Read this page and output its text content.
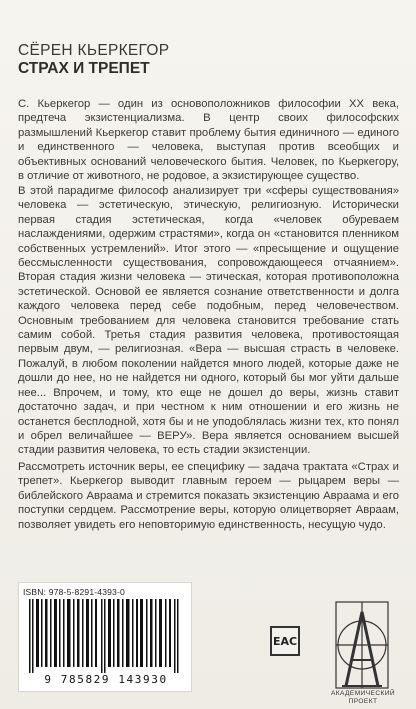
СЁРЕН КЬЕРКЕГОР
СТРАХ И ТРЕПЕТ

С. Кьеркегор — один из основоположников философии XX века, предтеча экзистенциализма. В центр своих философских размышлений Кьеркегор ставит проблему бытия единичного — единого и единственного — человека, выступая против всеобщих и объективных оснований человеческого бытия. Человек, по Кьеркегору, в отличие от животного, не родовое, а экзистирующее существо.

В этой парадигме философ анализирует три «сферы существования» человека — эстетическую, этическую, религиозную. Исторически первая стадия эстетическая, когда «человек обуреваем наслаждениями, одержим страстями», когда он «становится пленником собственных устремлений». Итог этого — «пресыщение и ощущение бессмысленности существования, сопровождающееся отчаянием». Вторая стадия жизни человека — этическая, которая противоположна эстетической. Основой ее является сознание ответственности и долга каждого человека перед себе подобным, перед человечеством. Основным требованием для человека становится требование стать самим собой. Третья стадия развития человека, противостоящая первым двум, — религиозная. «Вера — высшая страсть в человеке. Пожалуй, в любом поколении найдется много людей, которые даже не дошли до нее, но не найдется ни одного, который бы мог уйти дальше нее... Впрочем, и тому, кто еще не дошел до веры, жизнь ставит достаточно задач, и при честном к ним отношении и его жизнь не останется бесплодной, хотя бы и не уподоблялась жизни тех, кто понял и обрел величайшее — ВЕРУ». Вера является основанием высшей стадии развития человека, то есть стадии экзистенции.

Рассмотреть источник веры, ее специфику — задача трактата «Страх и трепет». Кьеркегор выводит главным героем — рыцарем веры — библейского Авраама и стремится показать экзистенцию Авраама и его поступки сердцем. Рассмотрение веры, которую олицетворяет Авраам, позволяет увидеть его неповторимую единственность, несущую чудо.

ISBN: 978-5-8291-4393-0
9 785829 143930
EAC
АКАДЕМИЧЕСКИЙ
ПРОЕКТ
